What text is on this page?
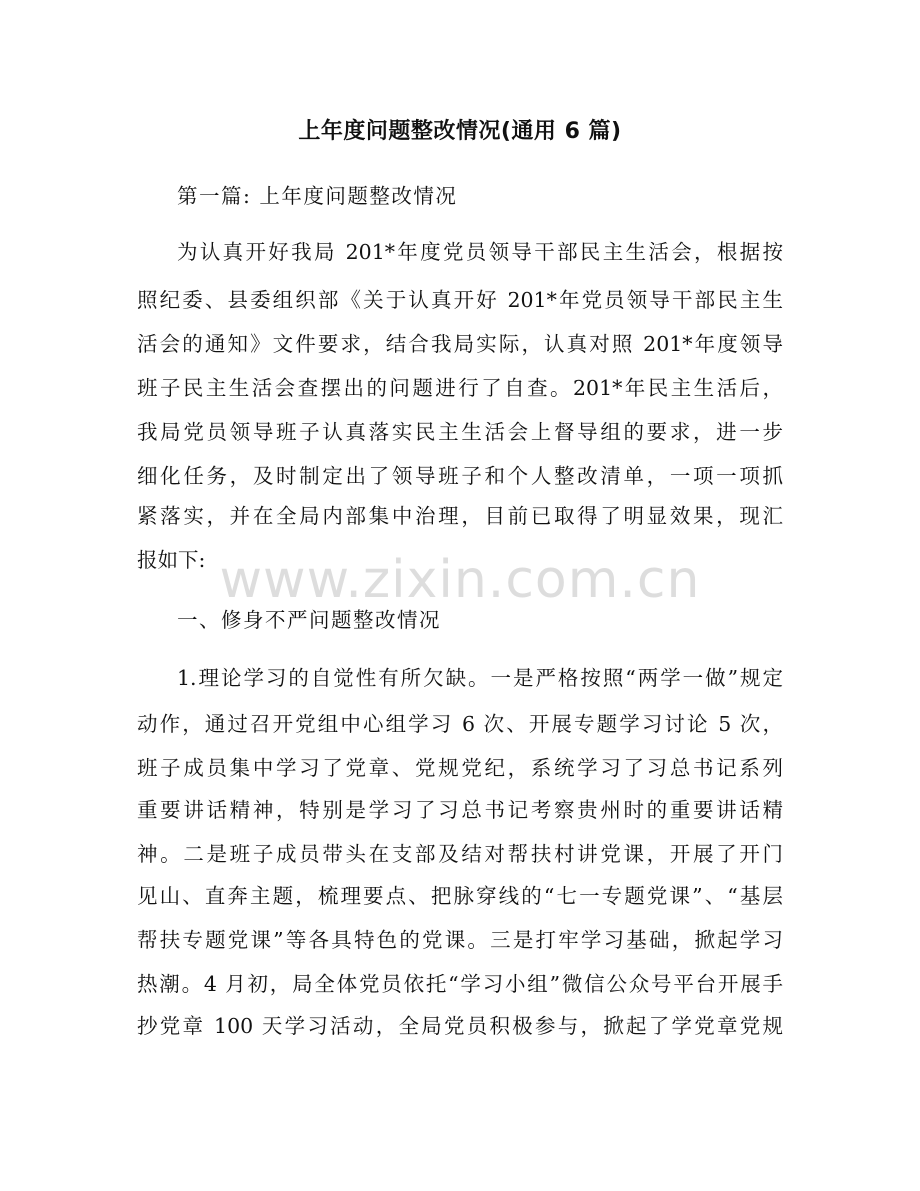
上年度问题整改情况(通用 6 篇)
第一篇: 上年度问题整改情况
为认真开好我局 201*年度党员领导干部民主生活会，根据按
照纪委、县委组织部《关于认真开好 201*年党员领导干部民主生
活会的通知》文件要求，结合我局实际，认真对照 201*年度领导
班子民主生活会查摆出的问题进行了自查。201*年民主生活后，
我局党员领导班子认真落实民主生活会上督导组的要求，进一步
细化任务，及时制定出了领导班子和个人整改清单，一项一项抓
紧落实，并在全局内部集中治理，目前已取得了明显效果，现汇
报如下: www.zixin.com.cn
一、修身不严问题整改情况
1.理论学习的自觉性有所欠缺。一是严格按照“两学一做”规定
动作，通过召开党组中心组学习 6 次、开展专题学习讨论 5 次，
班子成员集中学习了党章、党规党纪，系统学习了习总书记系列
重要讲话精神，特别是学习了习总书记考察贵州时的重要讲话精
神。二是班子成员带头在支部及结对帮扶村讲党课，开展了开门
见山、直奔主题，梳理要点、把脉穿线的“七一专题党课”、“基层
帮扶专题党课”等各具特色的党课。三是打牢学习基础，掀起学习
热潮。4 月初，局全体党员依托“学习小组”微信公众号平台开展手
抄党章 100 天学习活动，全局党员积极参与，掀起了学党章党规
